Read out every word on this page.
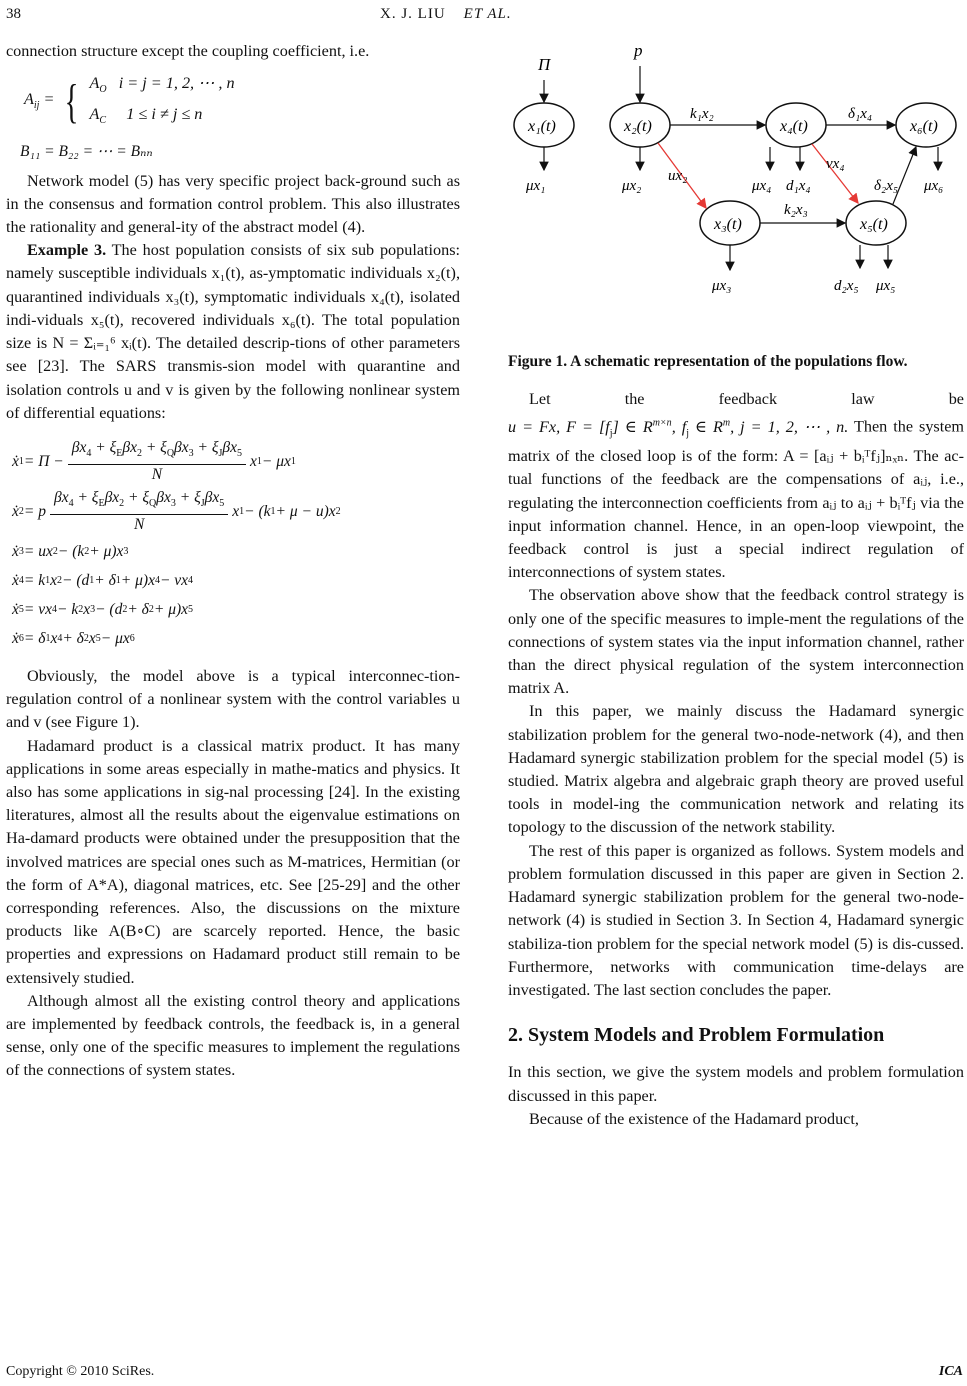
38	X. J. LIU ET AL.

connection structure except the coupling coefficient, i.e.

$A_{ij}$ = { $A_O$ i = j = 1, 2, ⋯ , n
$A_C$ 1 ≤ i ≠ j ≤ n
B₁₁ = B₂₂ = ⋯ = Bₙₙ

Network model (5) has very specific project back-ground such as in the consensus and formation control problem. This also illustrates the rationality and general-ity of the abstract model (4).

Example 3. The host population consists of six sub populations: namely susceptible individuals x₁(t), as-ymptomatic individuals x₂(t), quarantined individuals x₃(t), symptomatic individuals x₄(t), isolated indi-viduals x₅(t), recovered individuals x₆(t). The total population size is N = Σᵢ₌₁⁶ xᵢ(t). The detailed descrip-tions of other parameters see [23]. The SARS transmis-sion model with quarantine and isolation controls u and v is given by the following nonlinear system of differential equations:

ẋ $1 = \Pi - \frac{\beta x_4 + \xi_E\beta x_2 + \xi_Q\beta x_3 + \xi_J\beta x_5}{N}$ x 1 − μx 1
ẋ 2 = p $\frac{\beta x_4 + \xi_E\beta x_2 + \xi_Q\beta x_3 + \xi_J\beta x_5}{N}$ x 1 − (k 1 + μ − u)x 2
ẋ 3 = ux 2 − (k 2 + μ)x 3
ẋ 4 = k 1 x 2 − (d 1 + δ 1 + μ)x 4 − vx 4
ẋ 5 = vx 4 − k 2 x 3 − (d 2 + δ 2 + μ)x 5
ẋ 6 = δ 1 x 4 + δ 2 x 5 − μx 6

Obviously, the model above is a typical interconnec-tion-regulation control of a nonlinear system with the control variables u and v (see Figure 1).

Hadamard product is a classical matrix product. It has many applications in some areas especially in mathe-matics and physics. It also has some applications in sig-nal processing [24]. In the existing literatures, almost all the results about the eigenvalue estimations on Ha-damard products were obtained under the presupposition that the involved matrices are special ones such as M-matrices, Hermitian (or the form of A*A), diagonal matrices, etc. See [25-29] and the other corresponding references. Also, the discussions on the mixture products like A(B∘C) are scarcely reported. Hence, the basic properties and expressions on Hadamard product still remain to be extensively studied.

Although almost all the existing control theory and applications are implemented by feedback controls, the feedback is, in a general sense, only one of the specific measures to implement the regulations of the connections of system states.

x₁(t)	x₂(t)	x₄(t)	x₆(t)
x₃(t)	x₅(t)
Π
p
k₁x₂	δ₁x₄
k₂x₃
ux₂
vx₄
δ₂x₅
μx₁	μx₂	μx₄ d₁x₄	μx₆
μx₃	d₂x₅ μx₅

Figure 1. A schematic representation of the populations flow.

Let the feedback law be u = Fx, $F = [f_j]$ ∈ $R^{m\times n}$, $f_j$ ∈ $R^m$, j = 1, 2, ⋯ , n. Then the system matrix of the closed loop is of the form: A = [aᵢⱼ + bᵢᵀfⱼ]ₙₓₙ. The ac-tual functions of the feedback are the compensations of aᵢⱼ, i.e., regulating the interconnection coefficients from aᵢⱼ to aᵢⱼ + bᵢᵀfⱼ via the input information channel. Hence, in an open-loop viewpoint, the feedback control is just a special indirect regulation of interconnections of system states.

The observation above show that the feedback control strategy is only one of the specific measures to imple-ment the regulations of the connections of system states via the input information channel, rather than the direct physical regulation of the system interconnection matrix A.

In this paper, we mainly discuss the Hadamard synergic stabilization problem for the general two-node-network (4), and then Hadamard synergic stabilization problem for the special model (5) is studied. Matrix algebra and algebraic graph theory are proved useful tools in model-ing the communication network and relating its topology to the discussion of the network stability.

The rest of this paper is organized as follows. System models and problem formulation discussed in this paper are given in Section 2. Hadamard synergic stabilization problem for the general two-node-network (4) is studied in Section 3. In Section 4, Hadamard synergic stabiliza-tion problem for the special network model (5) is dis-cussed. Furthermore, networks with communication time-delays are investigated. The last section concludes the paper.

2. System Models and Problem Formulation

In this section, we give the system models and problem formulation discussed in this paper.

Because of the existence of the Hadamard product,

Copyright © 2010 SciRes.	ICA
